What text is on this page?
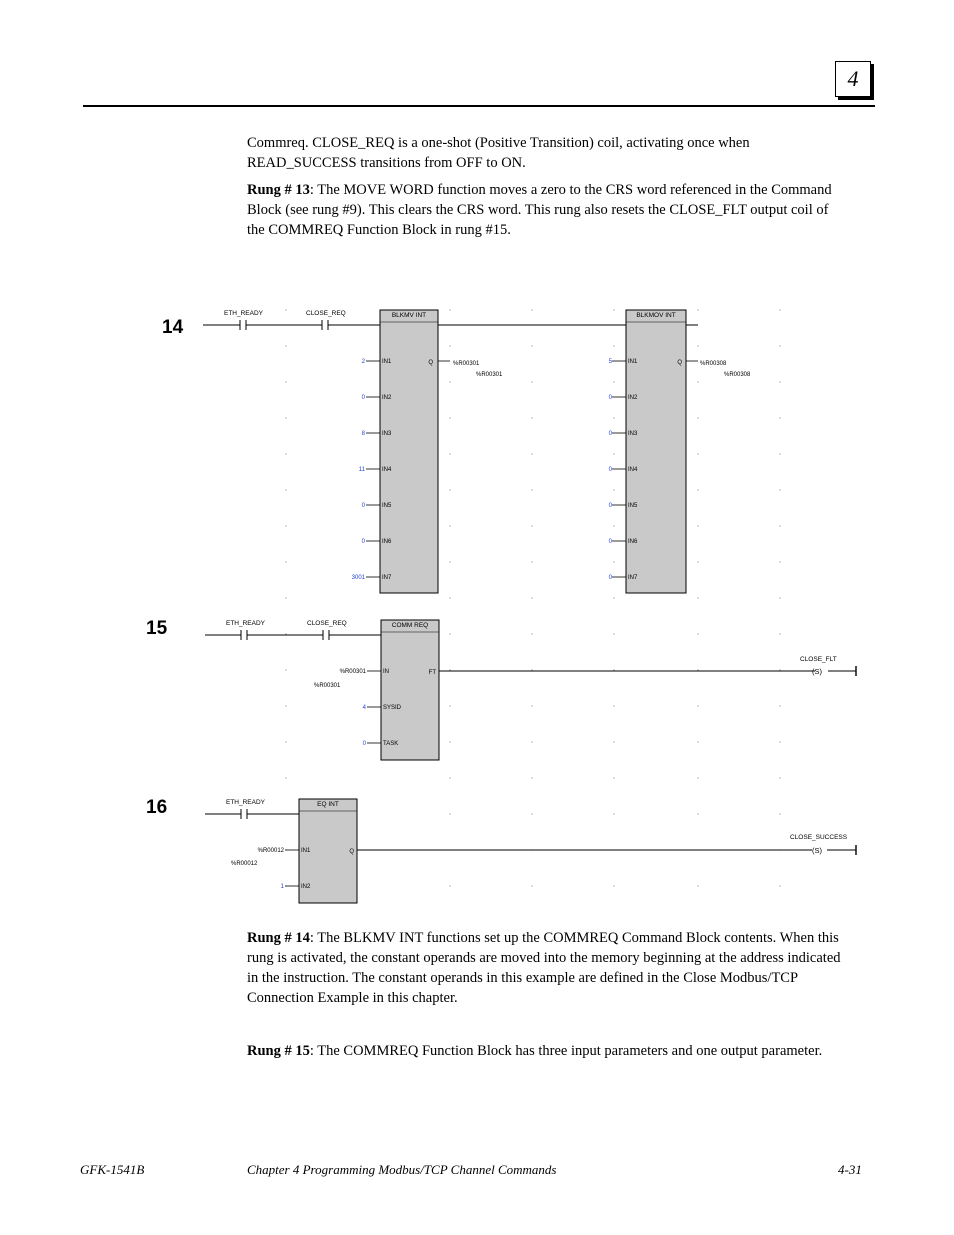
4

Commreq. CLOSE_REQ is a one-shot (Positive Transition) coil, activating once when READ_SUCCESS transitions from OFF to ON.

Rung # 13: The MOVE WORD function moves a zero to the CRS word referenced in the Command Block (see rung #9). This clears the CRS word. This rung also resets the CLOSE_FLT output coil of the COMMREQ Function Block in rung #15.

14
ETH_READY	CLOSE_REQ	BLKMV INT
Q
IN1
2
IN2
0
IN3
8
IN4
11
IN5
0
IN6
0
IN7
3001
%R00301
%R00301
BLKMOV INT
Q
IN1
5
IN2
0
IN3
0
IN4
0
IN5
0
IN6
0
IN7
0
%R00308
%R00308
15	ETH_READY	CLOSE_REQ	COMM REQ
FT
IN
%R00301
SYSID
4
TASK
0
%R00301
CLOSE_FLT
(S)
16	ETH_READY	EQ INT
Q
IN1
%R00012
IN2
1
%R00012
CLOSE_SUCCESS
(S)

Rung # 14: The BLKMV INT functions set up the COMMREQ Command Block contents. When this rung is activated, the constant operands are moved into the memory beginning at the address indicated in the instruction. The constant operands in this example are defined in the Close Modbus/TCP Connection Example in this chapter.

Rung # 15: The COMMREQ Function Block has three input parameters and one output parameter.

GFK-1541B	Chapter 4 Programming Modbus/TCP Channel Commands	4-31
